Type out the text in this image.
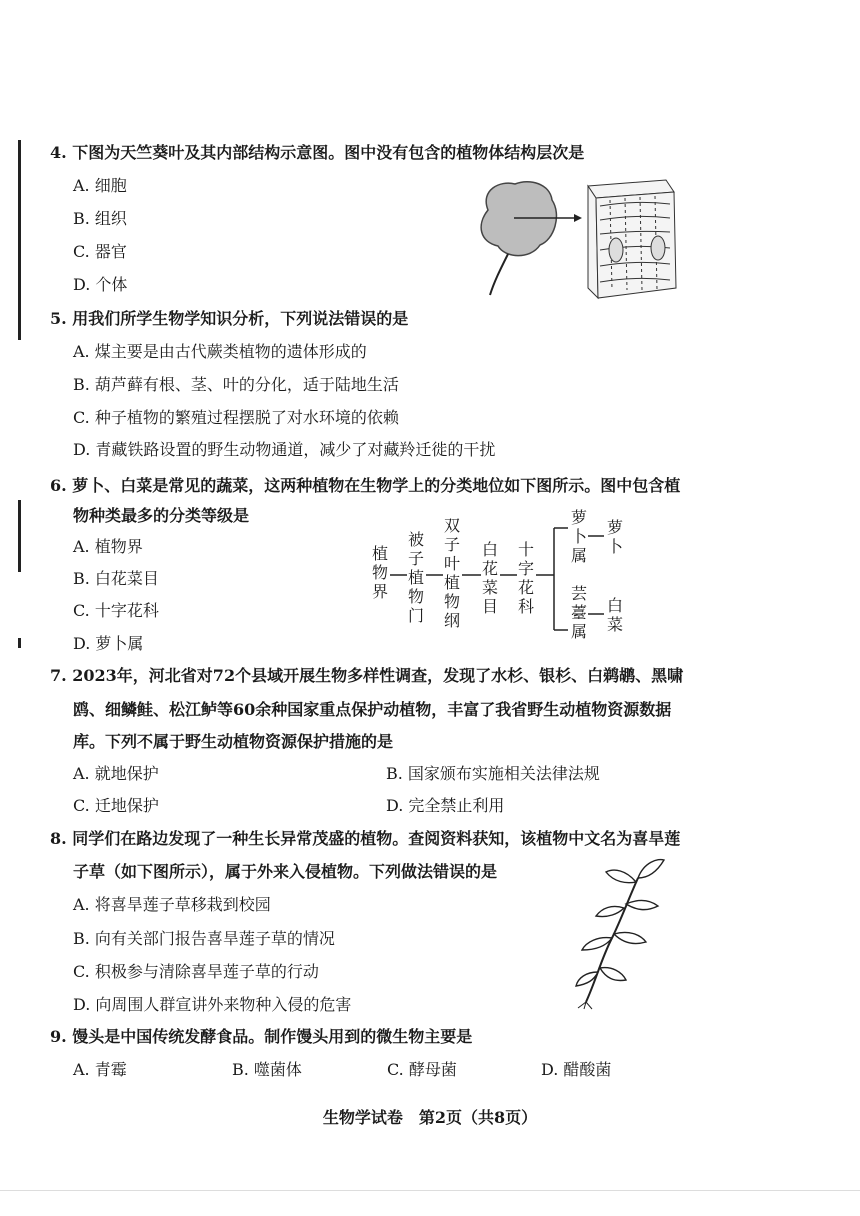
4. 下图为天竺葵叶及其内部结构示意图。图中没有包含的植物体结构层次是
A. 细胞
B. 组织
C. 器官
D. 个体
5. 用我们所学生物学知识分析，下列说法错误的是
A. 煤主要是由古代蕨类植物的遗体形成的
B. 葫芦藓有根、茎、叶的分化，适于陆地生活
C. 种子植物的繁殖过程摆脱了对水环境的依赖
D. 青藏铁路设置的野生动物通道，减少了对藏羚迁徙的干扰
6. 萝卜、白菜是常见的蔬菜，这两种植物在生物学上的分类地位如下图所示。图中包含植
物种类最多的分类等级是
A. 植物界
B. 白花菜目
C. 十字花科
D. 萝卜属
植物界
被子植物门
双子叶植物纲
白花菜目
十字花科
萝卜属
萝卜
芸薹属
白菜
7. 2023年，河北省对72个县域开展生物多样性调查，发现了水杉、银杉、白鹈鹕、黑啸
鸥、细鳞鲑、松江鲈等60余种国家重点保护动植物，丰富了我省野生动植物资源数据
库。下列不属于野生动植物资源保护措施的是
A. 就地保护	B. 国家颁布实施相关法律法规
C. 迁地保护	D. 完全禁止利用
8. 同学们在路边发现了一种生长异常茂盛的植物。查阅资料获知，该植物中文名为喜旱莲
子草（如下图所示），属于外来入侵植物。下列做法错误的是
A. 将喜旱莲子草移栽到校园
B. 向有关部门报告喜旱莲子草的情况
C. 积极参与清除喜旱莲子草的行动
D. 向周围人群宣讲外来物种入侵的危害
9. 馒头是中国传统发酵食品。制作馒头用到的微生物主要是
A. 青霉	B. 噬菌体	C. 酵母菌	D. 醋酸菌
生物学试卷　第2页（共8页）
